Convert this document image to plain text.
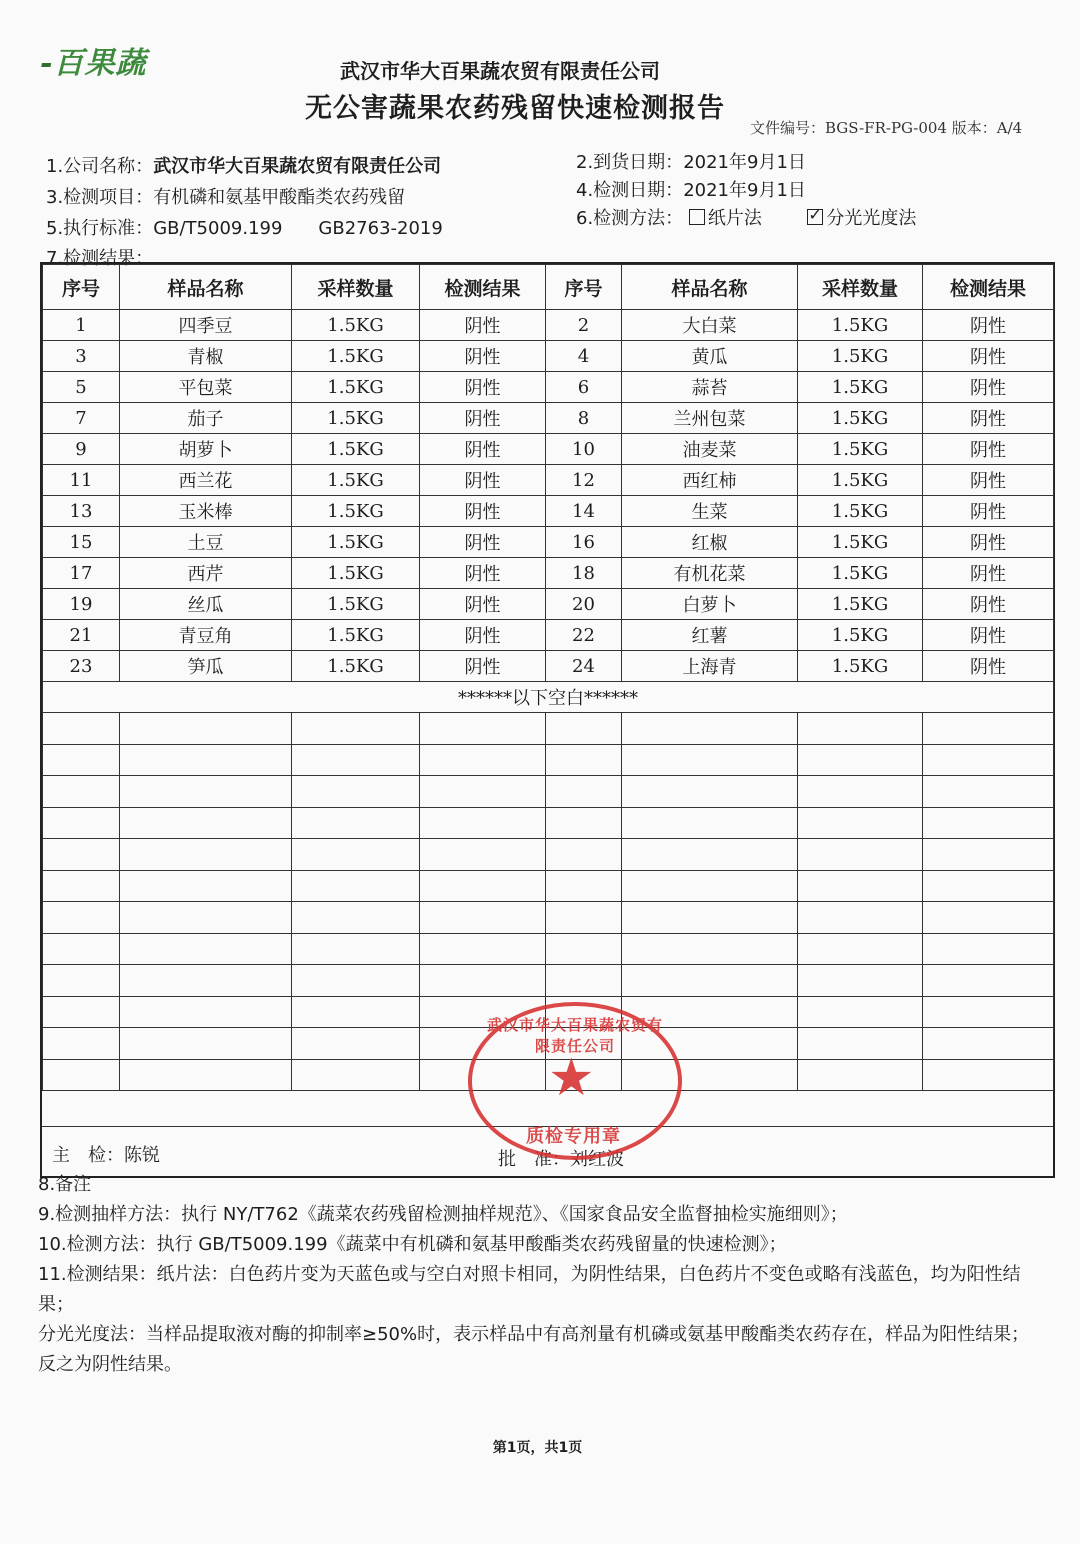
-百果蔬	武汉市华大百果蔬农贸有限责任公司
无公害蔬果农药残留快速检测报告
文件编号：BGS-FR-PG-004 版本：A/4
1.公司名称：武汉市华大百果蔬农贸有限责任公司	2.到货日期：2021年9月1日
3.检测项目：有机磷和氨基甲酸酯类农药残留	4.检测日期：2021年9月1日
5.执行标准：GB/T5009.199　　GB2763-2019	6.检测方法： 纸片法 ✓	分光光度法
7.检测结果：
序号	样品名称	采样数量	检测结果	序号	样品名称	采样数量	检测结果
1	四季豆	1.5KG	阴性	2	大白菜	1.5KG	阴性
3	青椒	1.5KG	阴性	4	黄瓜	1.5KG	阴性
5	平包菜	1.5KG	阴性	6	蒜苔	1.5KG	阴性
7	茄子	1.5KG	阴性	8	兰州包菜	1.5KG	阴性
9	胡萝卜	1.5KG	阴性	10	油麦菜	1.5KG	阴性
11	西兰花	1.5KG	阴性	12	西红柿	1.5KG	阴性
13	玉米棒	1.5KG	阴性	14	生菜	1.5KG	阴性
15	土豆	1.5KG	阴性	16	红椒	1.5KG	阴性
17	西芹	1.5KG	阴性	18	有机花菜	1.5KG	阴性
19	丝瓜	1.5KG	阴性	20	白萝卜	1.5KG	阴性
21	青豆角	1.5KG	阴性	22	红薯	1.5KG	阴性
23	笋瓜	1.5KG	阴性	24	上海青	1.5KG	阴性
******以下空白******							

主　检：陈锐	批　准：刘红波
武汉市华大百果蔬农贸有限责任公司
★
质检专用章

8.备注

9.检测抽样方法：执行 NY/T762《蔬菜农药残留检测抽样规范》、《国家食品安全监督抽检实施细则》；

10.检测方法：执行 GB/T5009.199《蔬菜中有机磷和氨基甲酸酯类农药残留量的快速检测》；

11.检测结果：纸片法：白色药片变为天蓝色或与空白对照卡相同，为阴性结果，白色药片不变色或略有浅蓝色，均为阳性结果；

分光光度法：当样品提取液对酶的抑制率≥50%时，表示样品中有高剂量有机磷或氨基甲酸酯类农药存在，样品为阳性结果；反之为阴性结果。

第1页，共1页
